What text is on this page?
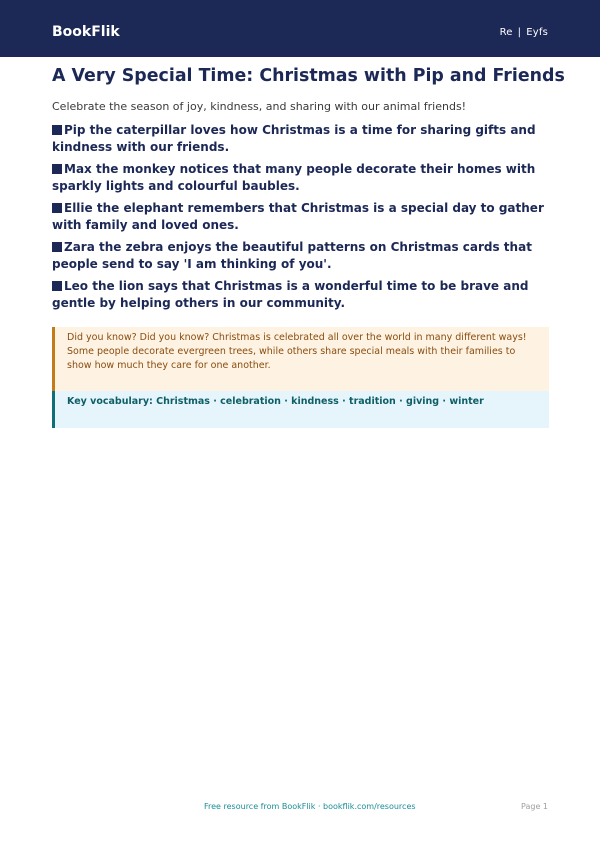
BookFlik	Re | Eyfs
A Very Special Time: Christmas with Pip and Friends

Celebrate the season of joy, kindness, and sharing with our animal friends!

Pip the caterpillar loves how Christmas is a time for sharing gifts and kindness with our friends.
Max the monkey notices that many people decorate their homes with sparkly lights and colourful baubles.
Ellie the elephant remembers that Christmas is a special day to gather with family and loved ones.
Zara the zebra enjoys the beautiful patterns on Christmas cards that people send to say 'I am thinking of you'.
Leo the lion says that Christmas is a wonderful time to be brave and gentle by helping others in our community.
Did you know? Did you know? Christmas is celebrated all over the world in many different ways! Some people decorate evergreen trees, while others share special meals with their families to show how much they care for one another.
Key vocabulary: Christmas · celebration · kindness · tradition · giving · winter
Free resource from BookFlik · bookflik.com/resources	Page 1
